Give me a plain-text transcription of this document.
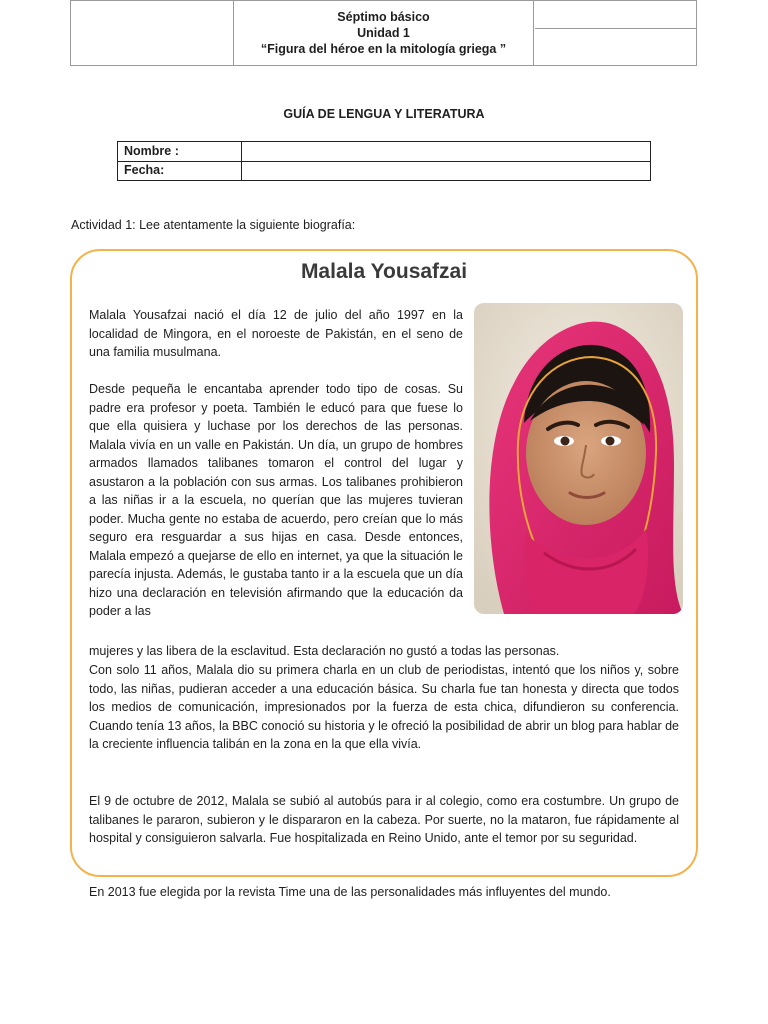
Séptimo básico
Unidad 1
“Figura del héroe en la mitología griega ”
GUÍA DE LENGUA Y LITERATURA
Nombre :
Fecha:
Actividad 1: Lee atentamente la siguiente biografía:
Malala Yousafzai
Malala Yousafzai nació el día 12 de julio del año 1997 en la localidad de Mingora, en el noroeste de Pakistán, en el seno de una familia musulmana.
Desde pequeña le encantaba aprender todo tipo de cosas. Su padre era profesor y poeta. También le educó para que fuese lo que ella quisiera y luchase por los derechos de las personas. Malala vivía en un valle en Pakistán. Un día, un grupo de hombres armados llamados talibanes tomaron el control del lugar y asustaron a la población con sus armas. Los talibanes prohibieron a las niñas ir a la escuela, no querían que las mujeres tuvieran poder. Mucha gente no estaba de acuerdo, pero creían que lo más seguro era resguardar a sus hijas en casa. Desde entonces, Malala empezó a quejarse de ello en internet, ya que la situación le parecía injusta. Además, le gustaba tanto ir a la escuela que un día hizo una declaración en televisión afirmando que la educación da poder a las
mujeres y las libera de la esclavitud. Esta declaración no gustó a todas las personas.
Con solo 11 años, Malala dio su primera charla en un club de periodistas, intentó que los niños y, sobre todo, las niñas, pudieran acceder a una educación básica. Su charla fue tan honesta y directa que todos los medios de comunicación, impresionados por la fuerza de esta chica, difundieron su conferencia. Cuando tenía 13 años, la BBC conoció su historia y le ofreció la posibilidad de abrir un blog para hablar de la creciente influencia talibán en la zona en la que ella vivía.
El 9 de octubre de 2012, Malala se subió al autobús para ir al colegio, como era costumbre. Un grupo de talibanes le pararon, subieron y le dispararon en la cabeza. Por suerte, no la mataron, fue rápidamente al hospital y consiguieron salvarla. Fue hospitalizada en Reino Unido, ante el temor por su seguridad.
En 2013 fue elegida por la revista Time una de las personalidades más influyentes del mundo.
